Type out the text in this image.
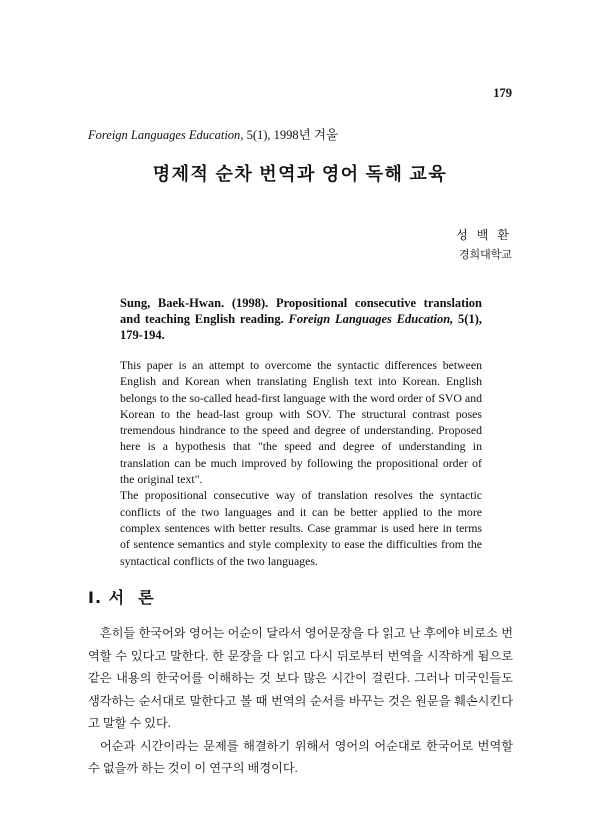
179
Foreign Languages Education, 5(1), 1998년 겨울
명제적 순차 번역과 영어 독해 교육
성 백 환
경희대학교
Sung, Baek-Hwan. (1998). Propositional consecutive translation and teaching English reading. Foreign Languages Education, 5(1), 179-194.

This paper is an attempt to overcome the syntactic differences between English and Korean when translating English text into Korean. English belongs to the so-called head-first language with the word order of SVO and Korean to the head-last group with SOV. The structural contrast poses tremendous hindrance to the speed and degree of understanding. Proposed here is a hypothesis that "the speed and degree of understanding in translation can be much improved by following the propositional order of the original text".

The propositional consecutive way of translation resolves the syntactic conflicts of the two languages and it can be better applied to the more complex sentences with better results. Case grammar is used here in terms of sentence semantics and style complexity to ease the difficulties from the syntactical conflicts of the two languages.

I. 서론

흔히들 한국어와 영어는 어순이 달라서 영어문장을 다 읽고 난 후에야 비로소 번역할 수 있다고 말한다. 한 문장을 다 읽고 다시 뒤로부터 번역을 시작하게 됨으로 같은 내용의 한국어를 이해하는 것 보다 많은 시간이 걸린다. 그러나 미국인들도 생각하는 순서대로 말한다고 볼 때 번역의 순서를 바꾸는 것은 원문을 훼손시킨다고 말할 수 있다.

어순과 시간이라는 문제를 해결하기 위해서 영어의 어순대로 한국어로 번역할 수 없을까 하는 것이 이 연구의 배경이다.
